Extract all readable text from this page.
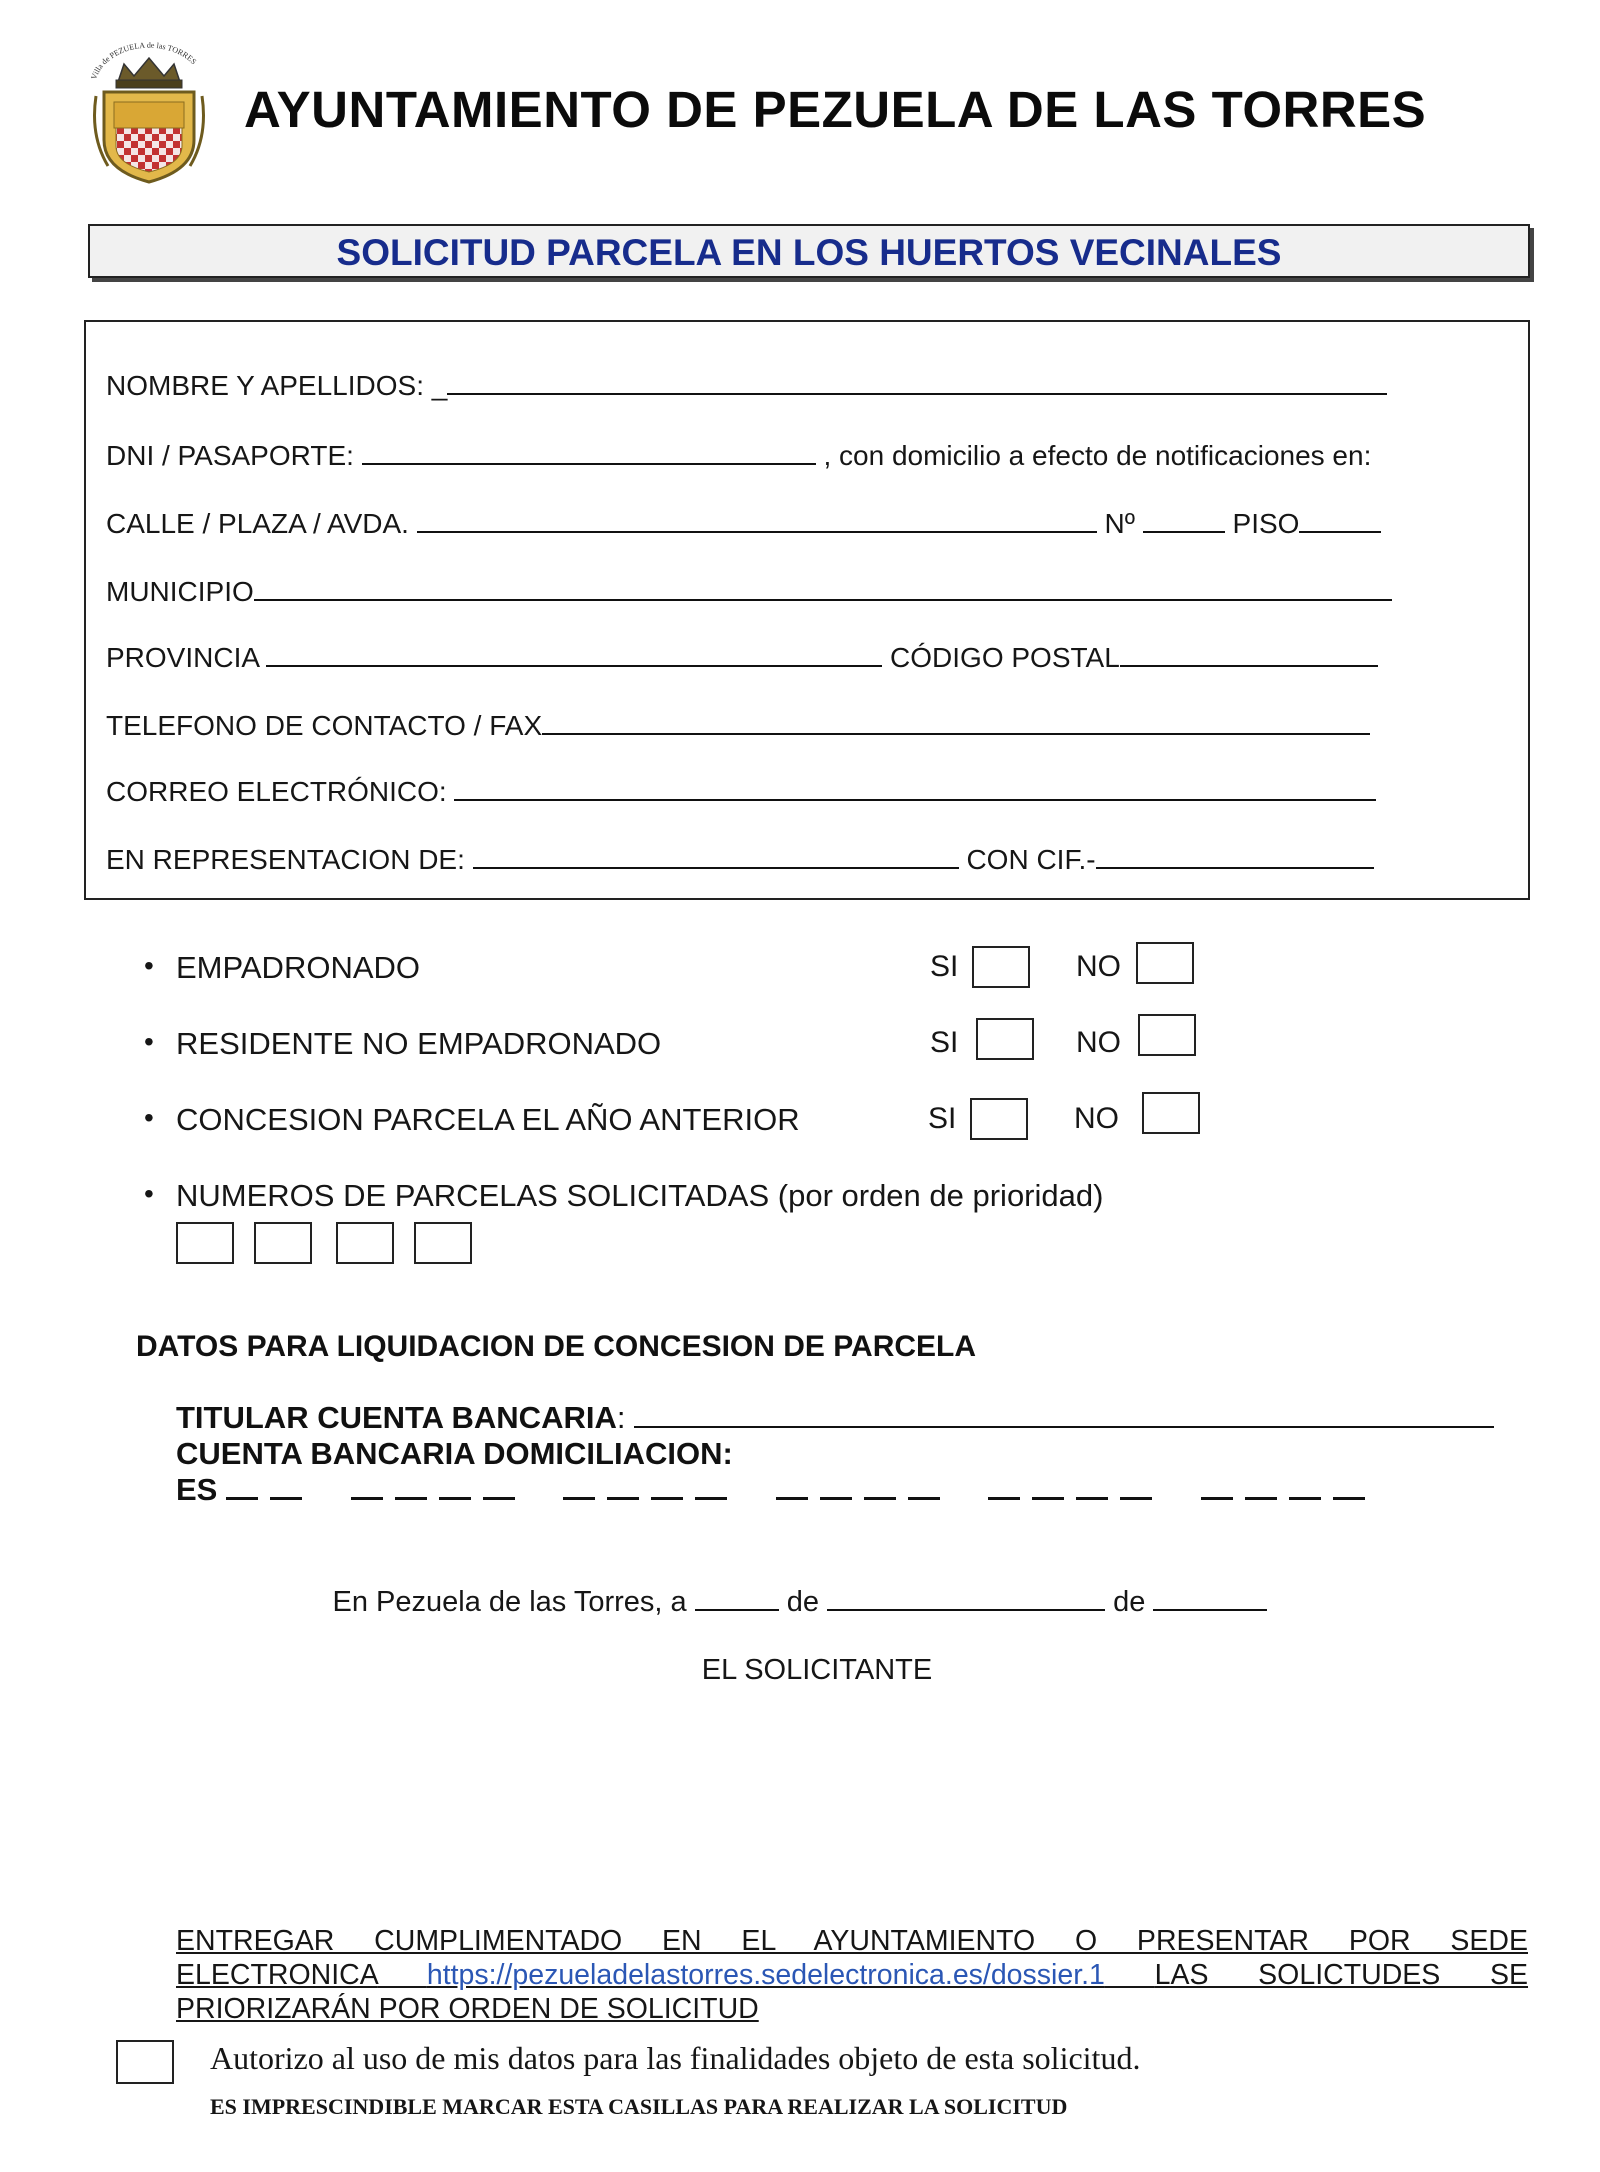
Villa de PEZUELA de las TORRES
AYUNTAMIENTO DE PEZUELA DE LAS TORRES
SOLICITUD PARCELA EN LOS HUERTOS VECINALES
NOMBRE Y APELLIDOS: _
DNI / PASAPORTE:	, con domicilio a efecto de notificaciones en:
CALLE / PLAZA / AVDA.	Nº	PISO
MUNICIPIO
PROVINCIA	CÓDIGO POSTAL
TELEFONO DE CONTACTO / FAX
CORREO ELECTRÓNICO:
EN REPRESENTACION DE:	CON CIF.-
• EMPADRONADO	SI	NO
• RESIDENTE NO EMPADRONADO	SI	NO
• CONCESION PARCELA EL AÑO ANTERIOR	SI	NO
• NUMEROS DE PARCELAS SOLICITADAS (por orden de prioridad)
DATOS PARA LIQUIDACION DE CONCESION DE PARCELA
TITULAR CUENTA BANCARIA:
CUENTA BANCARIA DOMICILIACION:
ES
En Pezuela de las Torres, a	de	de
EL SOLICITANTE
ENTREGAR CUMPLIMENTADO EN EL AYUNTAMIENTO O PRESENTAR POR SEDE
ELECTRONICA https://pezueladelastorres.sedelectronica.es/dossier.1 LAS SOLICTUDES SE
PRIORIZARÁN POR ORDEN DE SOLICITUD
Autorizo al uso de mis datos para las finalidades objeto de esta solicitud.
ES IMPRESCINDIBLE MARCAR ESTA CASILLAS PARA REALIZAR LA SOLICITUD
